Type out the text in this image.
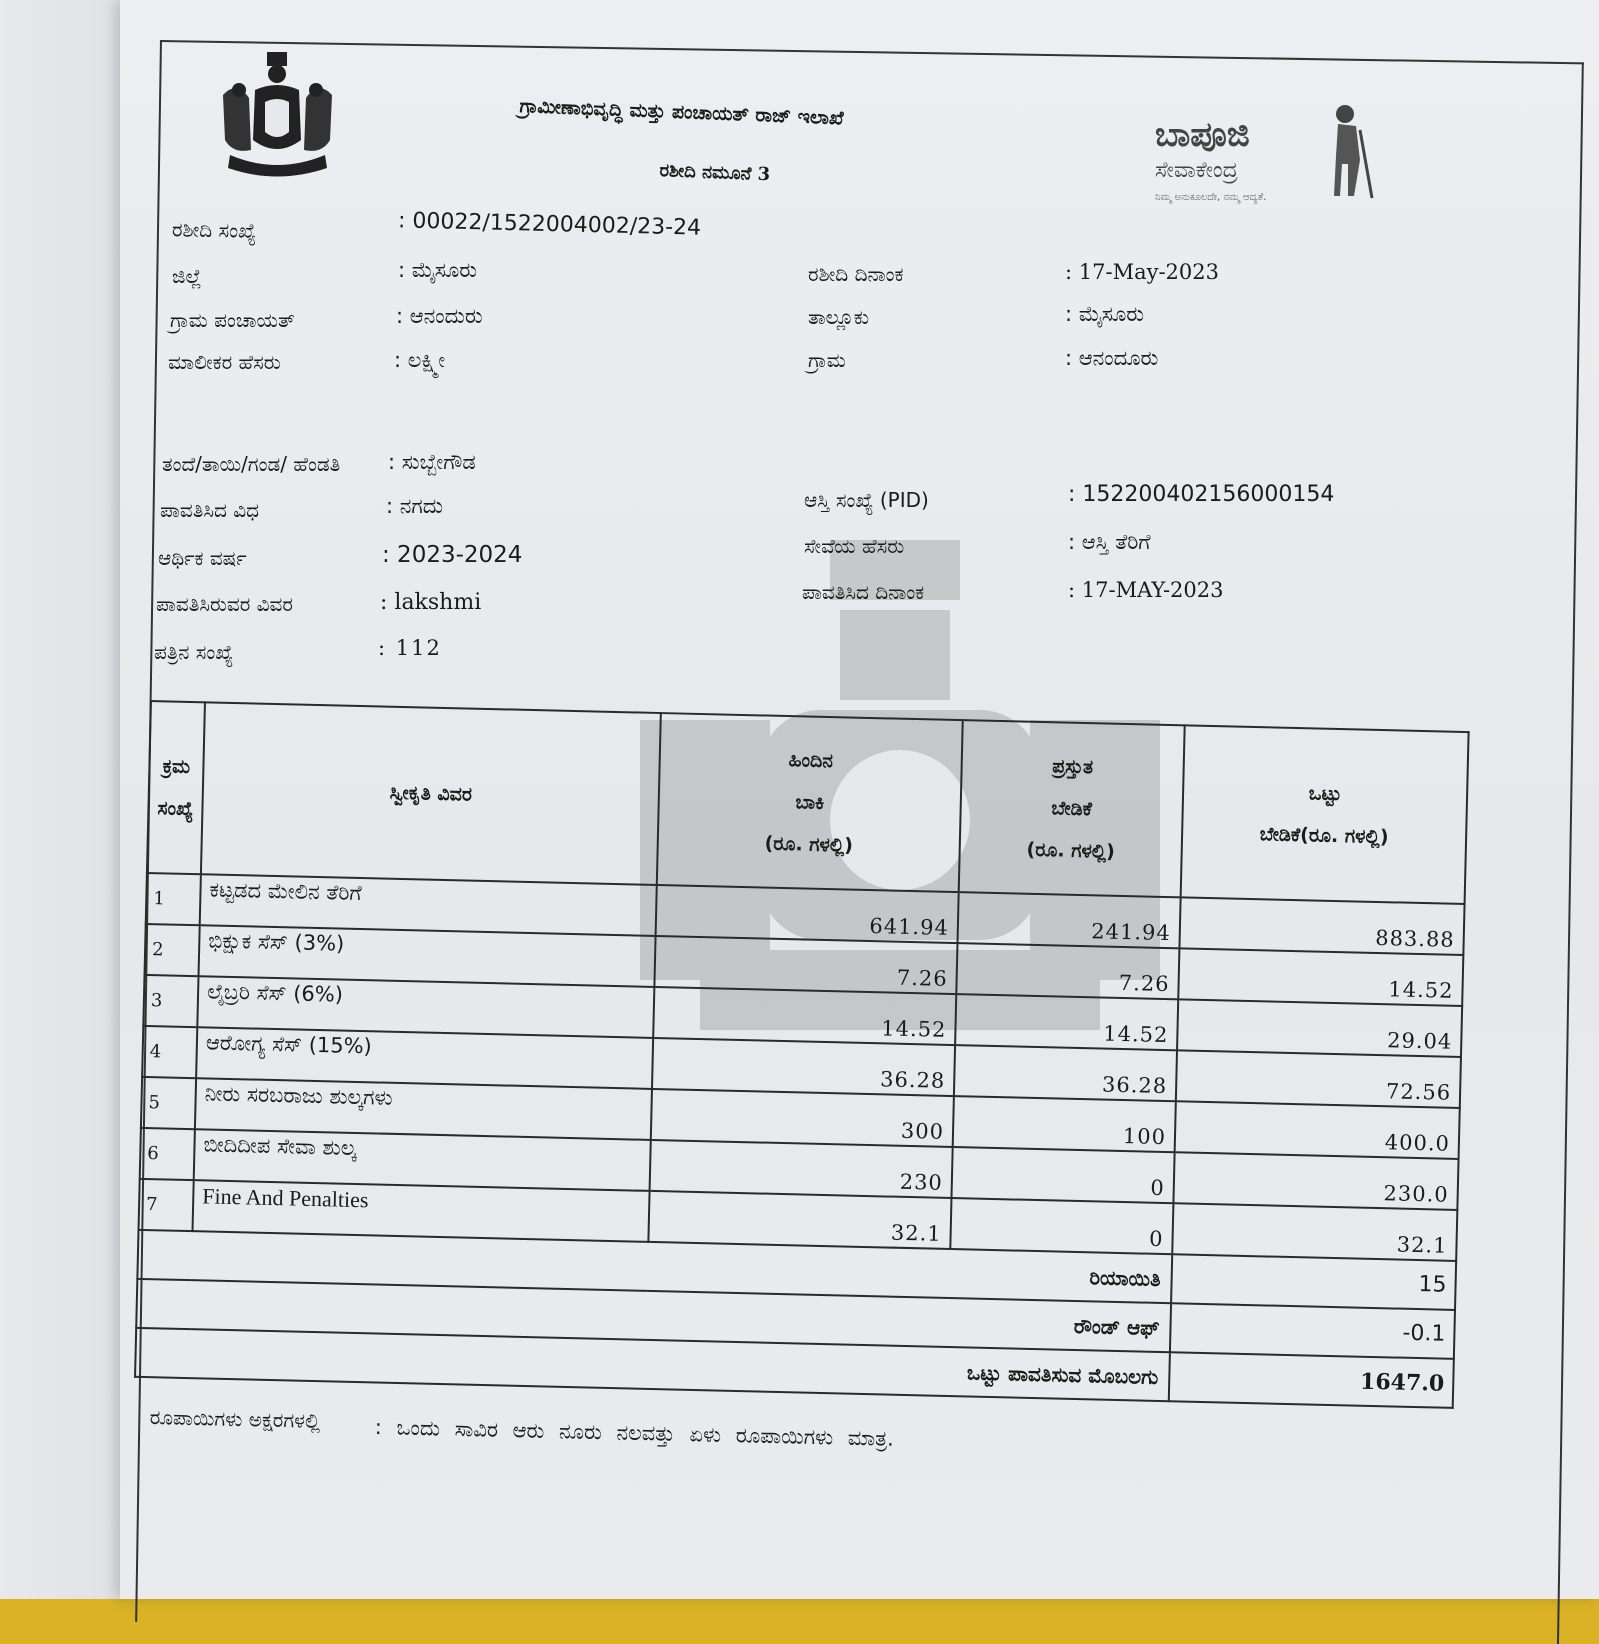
ಗ್ರಾಮೀಣಾಭಿವೃದ್ಧಿ ಮತ್ತು ಪಂಚಾಯತ್ ರಾಜ್ ಇಲಾಖೆ
ರಶೀದಿ ನಮೂನೆ 3
ಬಾಪೂಜಿ
ಸೇವಾಕೇಂದ್ರ
ನಿಮ್ಮ ಅನುಕೂಲದೇ, ನಮ್ಮ ಆದ್ಯತೆ.
ರಶೀದಿ ಸಂಖ್ಯೆ	: 00022/1522004002/23-24
ಜಿಲ್ಲೆ	: ಮೈಸೂರು
ಗ್ರಾಮ ಪಂಚಾಯತ್	: ಆನಂದುರು
ಮಾಲೀಕರ ಹೆಸರು	: ಲಕ್ಷ್ಮೀ
ತಂದೆ/ತಾಯಿ/ಗಂಡ/ ಹೆಂಡತಿ : ಸುಬ್ಬೇಗೌಡ
ಪಾವತಿಸಿದ ವಿಧ	: ನಗದು
ಆರ್ಥಿಕ ವರ್ಷ	: 2023-2024
ಪಾವತಿಸಿರುವರ ವಿವರ	: lakshmi
ಪತ್ರಿನ ಸಂಖ್ಯೆ	: 112
ರಶೀದಿ ದಿನಾಂಕ	: 17-May-2023
ತಾಲ್ಲೂಕು	: ಮೈಸೂರು
ಗ್ರಾಮ	: ಆನಂದೂರು
ಆಸ್ತಿ ಸಂಖ್ಯೆ (PID)	: 152200402156000154
ಸೇವೆಯ ಹೆಸರು	: ಆಸ್ತಿ ತೆರಿಗೆ
ಪಾವತಿಸಿದ ದಿನಾಂಕ	: 17-MAY-2023
ಕ್ರಮ
ಸಂಖ್ಯೆ	ಸ್ವೀಕೃತಿ ವಿವರ	ಹಿಂದಿನ
ಬಾಕಿ
(ರೂ. ಗಳಲ್ಲಿ)	ಪ್ರಸ್ತುತ
ಬೇಡಿಕೆ
(ರೂ. ಗಳಲ್ಲಿ)	ಒಟ್ಟು
ಬೇಡಿಕೆ(ರೂ. ಗಳಲ್ಲಿ)
1	ಕಟ್ಟಡದ ಮೇಲಿನ ತೆರಿಗೆ	641.94	241.94	883.88
2	ಭಿಕ್ಷುಕ ಸೆಸ್ (3%)	7.26	7.26	14.52
3	ಲೈಬ್ರರಿ ಸೆಸ್ (6%)	14.52	14.52	29.04
4	ಆರೋಗ್ಯ ಸೆಸ್ (15%)	36.28	36.28	72.56
5	ನೀರು ಸರಬರಾಜು ಶುಲ್ಕಗಳು	300	100	400.0
6	ಬೀದಿದೀಪ ಸೇವಾ ಶುಲ್ಕ	230	0	230.0
7	Fine And Penalties	32.1	0	32.1
ರಿಯಾಯಿತಿ				15
ರೌಂಡ್ ಆಫ್				-0.1
ಒಟ್ಟು ಪಾವತಿಸುವ ಮೊಬಲಗು				1647.0
ರೂಪಾಯಿಗಳು ಅಕ್ಷರಗಳಲ್ಲಿ	: ಒಂದು ಸಾವಿರ ಆರು ನೂರು ನಲವತ್ತು ಏಳು ರೂಪಾಯಿಗಳು ಮಾತ್ರ.
